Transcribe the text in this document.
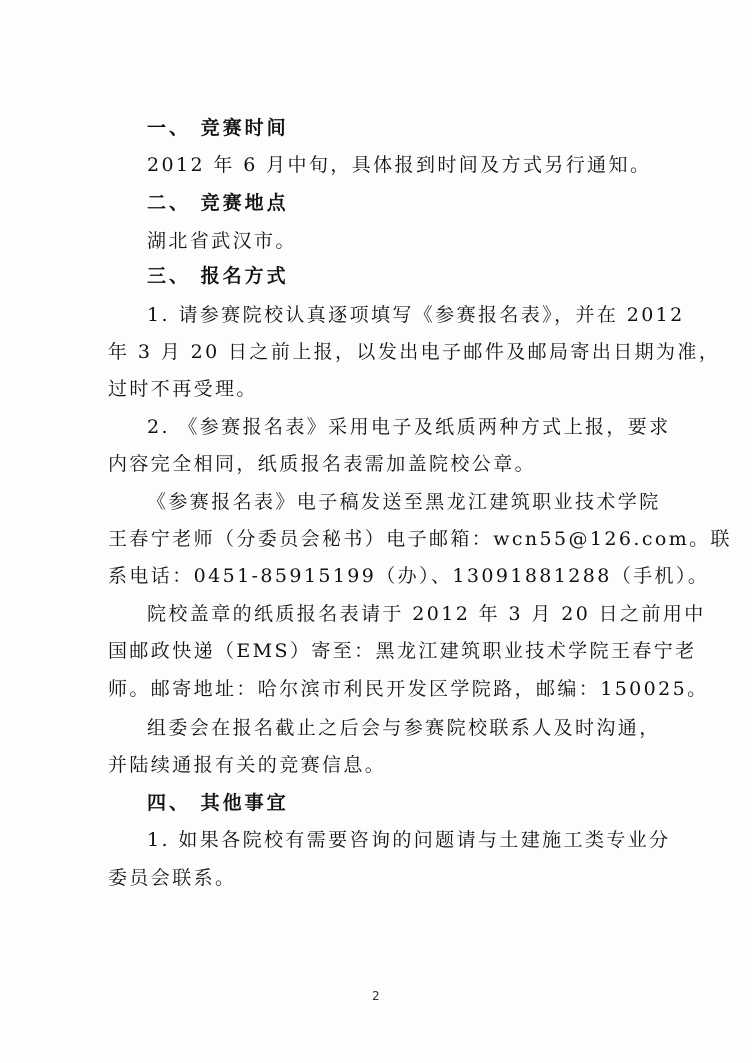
一、 竞赛时间
2012 年 6 月中旬，具体报到时间及方式另行通知。
二、 竞赛地点
湖北省武汉市。
三、 报名方式
1. 请参赛院校认真逐项填写《参赛报名表》，并在 2012
年 3 月 20 日之前上报，以发出电子邮件及邮局寄出日期为准，
过时不再受理。
2. 《参赛报名表》采用电子及纸质两种方式上报，要求
内容完全相同，纸质报名表需加盖院校公章。
《参赛报名表》电子稿发送至黑龙江建筑职业技术学院
王春宁老师（分委员会秘书）电子邮箱：wcn55@126.com。联
系电话：0451-85915199（办）、13091881288（手机）。
院校盖章的纸质报名表请于 2012 年 3 月 20 日之前用中
国邮政快递（EMS）寄至：黑龙江建筑职业技术学院王春宁老
师。邮寄地址：哈尔滨市利民开发区学院路，邮编：150025。
组委会在报名截止之后会与参赛院校联系人及时沟通，
并陆续通报有关的竞赛信息。
四、 其他事宜
1. 如果各院校有需要咨询的问题请与土建施工类专业分
委员会联系。
2
